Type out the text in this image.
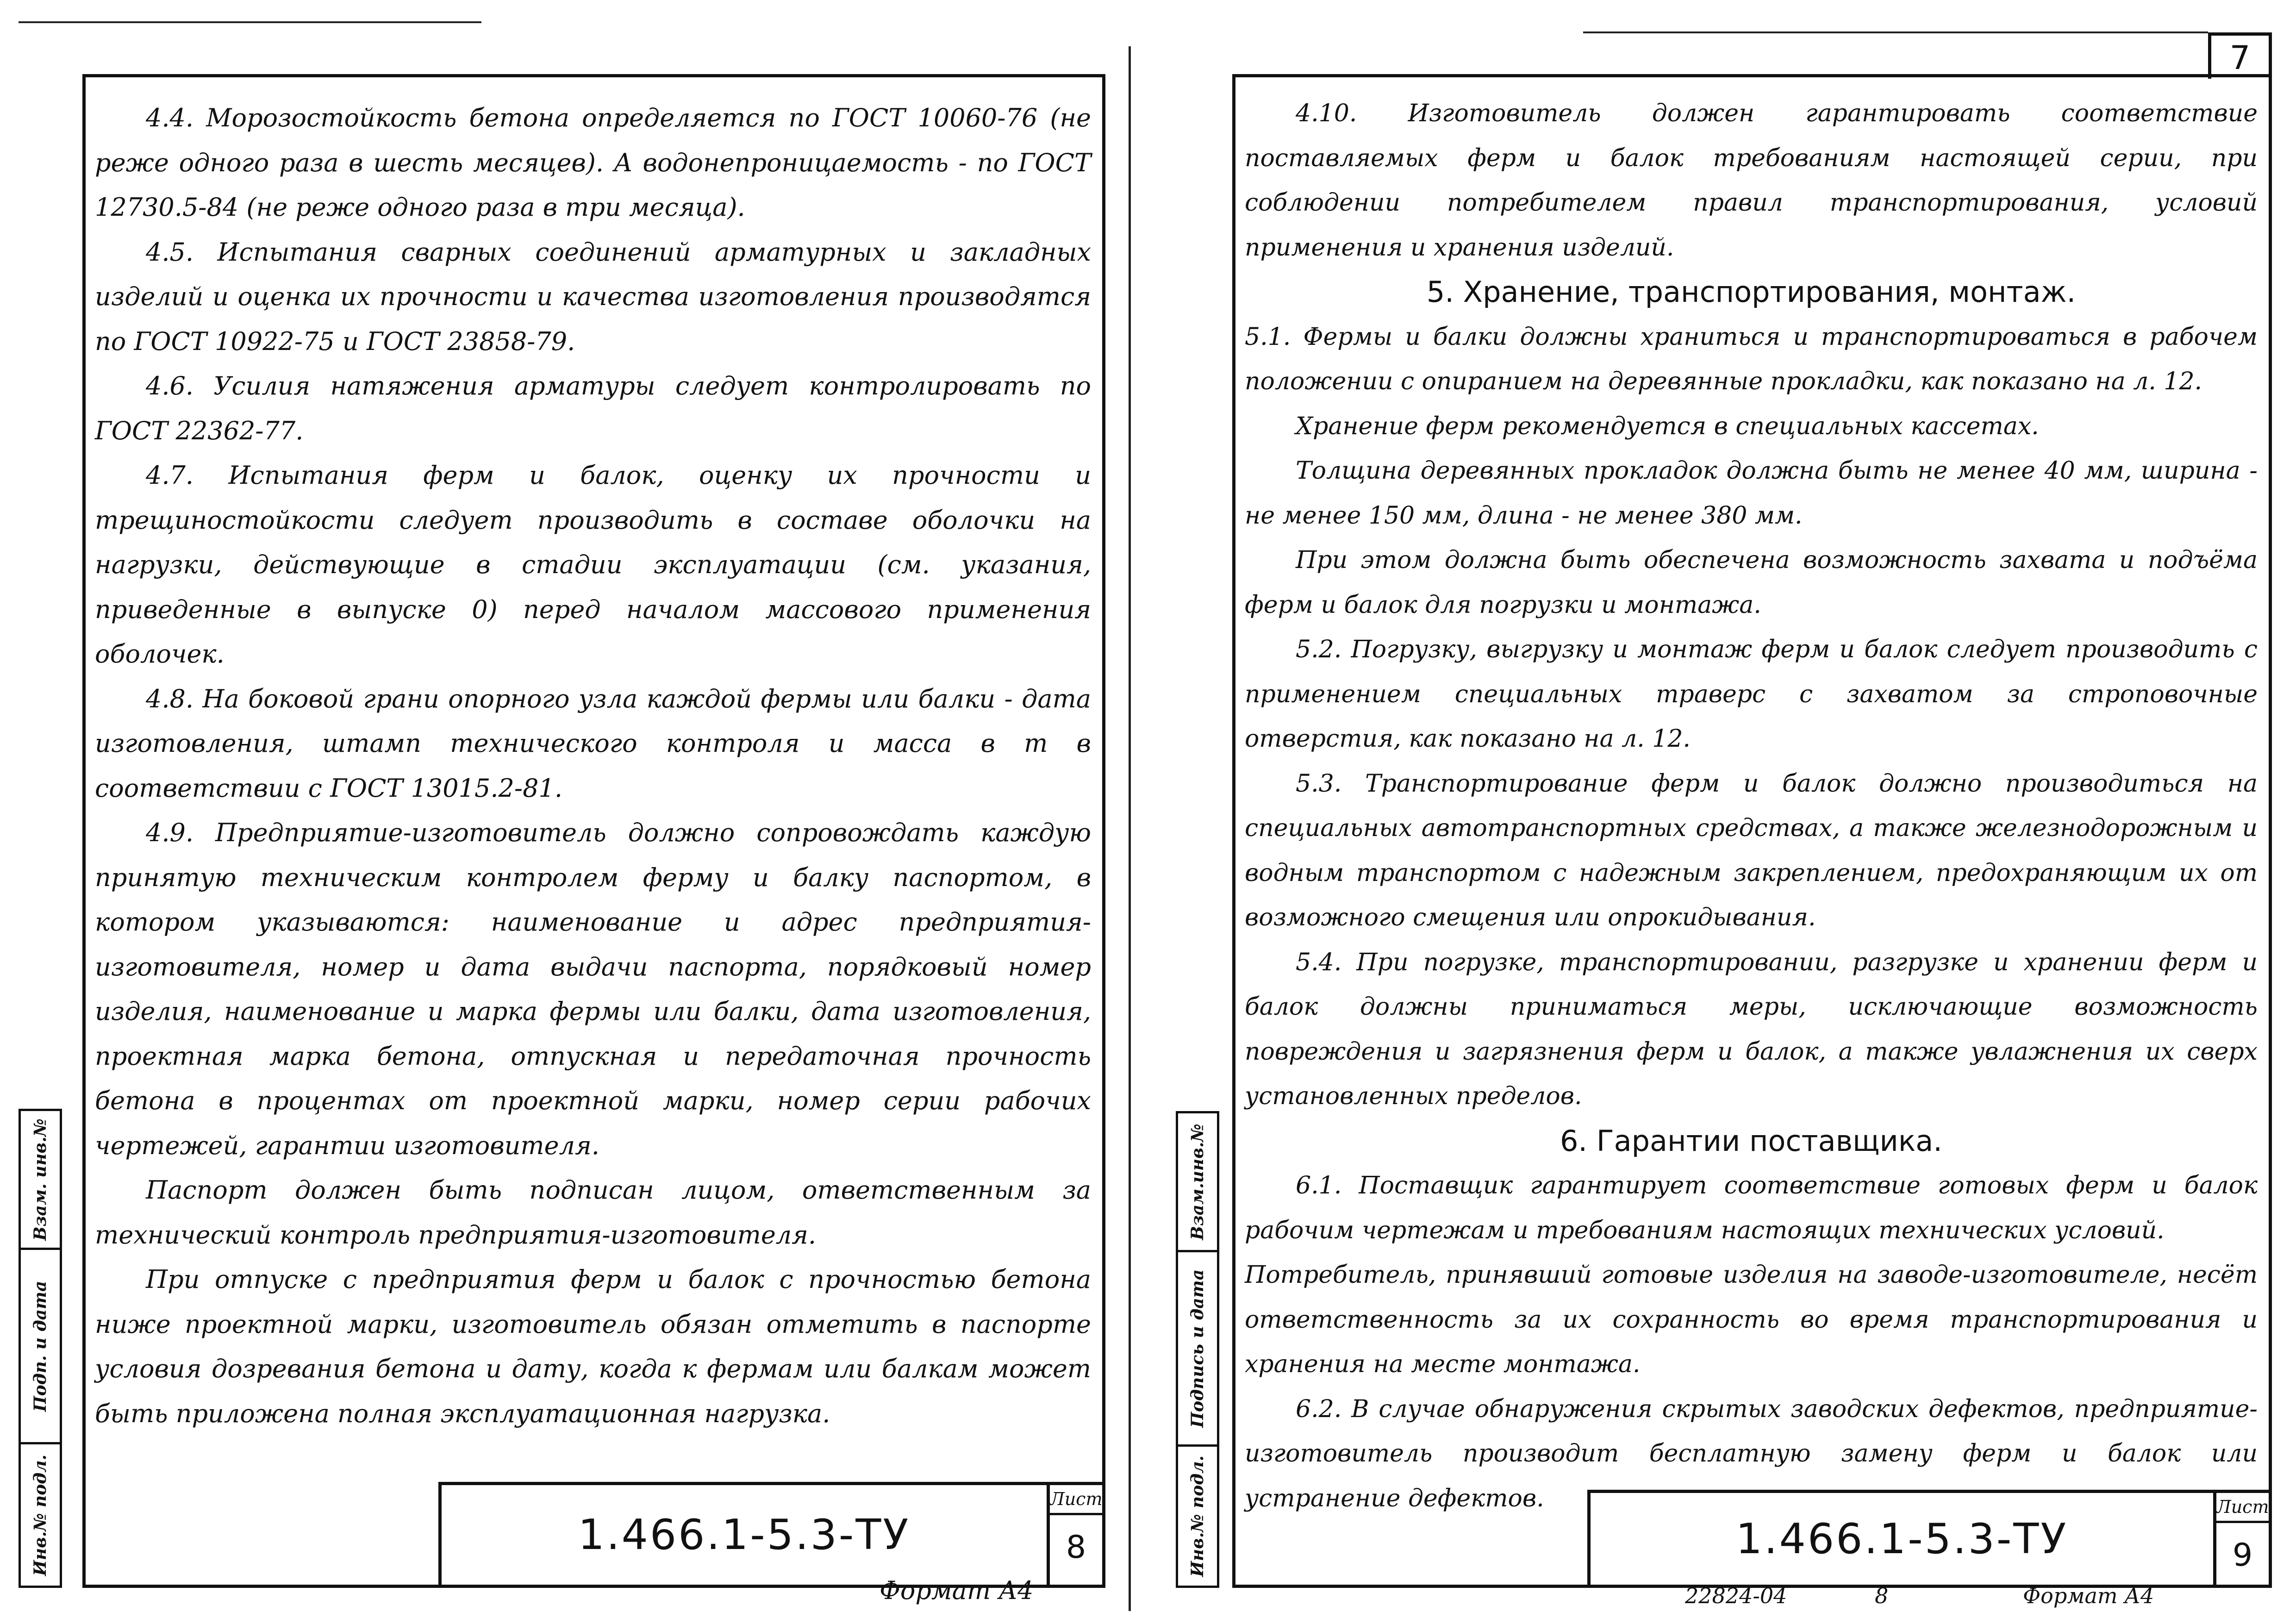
4.4. Морозостойкость бетона определяется по ГОСТ 10060-76 (не реже одного раза в шесть месяцев). А водонепроницаемость - по ГОСТ 12730.5-84 (не реже одного раза в три месяца).

4.5. Испытания сварных соединений арматурных и закладных изделий и оценка их прочности и качества изготовления производятся по ГОСТ 10922-75 и ГОСТ 23858-79.

4.6. Усилия натяжения арматуры следует контролировать по ГОСТ 22362-77.

4.7. Испытания ферм и балок, оценку их прочности и трещиностойкости следует производить в составе оболочки на нагрузки, действующие в стадии эксплуатации (см. указания, приведенные в выпуске 0) перед началом массового применения оболочек.

4.8. На боковой грани опорного узла каждой фермы или балки - дата изготовления, штамп технического контроля и масса в т в соответствии с ГОСТ 13015.2-81.

4.9. Предприятие-изготовитель должно сопровождать каждую принятую техническим контролем ферму и балку паспортом, в котором указываются: наименование и адрес предприятия-изготовителя, номер и дата выдачи паспорта, порядковый номер изделия, наименование и марка фермы или балки, дата изготовления, проектная марка бетона, отпускная и передаточная прочность бетона в процентах от проектной марки, номер серии рабочих чертежей, гарантии изготовителя.

Паспорт должен быть подписан лицом, ответственным за технический контроль предприятия-изготовителя.

При отпуске с предприятия ферм и балок с прочностью бетона ниже проектной марки, изготовитель обязан отметить в паспорте условия дозревания бетона и дату, когда к фермам или балкам может быть приложена полная эксплуатационная нагрузка.

1.466.1-5.3-ТУ
Лист
8
Взам. инв.№
Подп. и дата
Инв.№ подл.
Формат А4
7

4.10. Изготовитель должен гарантировать соответствие поставляемых ферм и балок требованиям настоящей серии, при соблюдении потребителем правил транспортирования, условий применения и хранения изделий.

5. Хранение, транспортирования, монтаж.

5.1. Фермы и балки должны храниться и транспортироваться в рабочем положении с опиранием на деревянные прокладки, как показано на л. 12.

Хранение ферм рекомендуется в специальных кассетах.

Толщина деревянных прокладок должна быть не менее 40 мм, ширина - не менее 150 мм, длина - не менее 380 мм.

При этом должна быть обеспечена возможность захвата и подъёма ферм и балок для погрузки и монтажа.

5.2. Погрузку, выгрузку и монтаж ферм и балок следует производить с применением специальных траверс с захватом за строповочные отверстия, как показано на л. 12.

5.3. Транспортирование ферм и балок должно производиться на специальных автотранспортных средствах, а также железнодорожным и водным транспортом с надежным закреплением, предохраняющим их от возможного смещения или опрокидывания.

5.4. При погрузке, транспортировании, разгрузке и хранении ферм и балок должны приниматься меры, исключающие возможность повреждения и загрязнения ферм и балок, а также увлажнения их сверх установленных пределов.

6. Гарантии поставщика.

6.1. Поставщик гарантирует соответствие готовых ферм и балок рабочим чертежам и требованиям настоящих технических условий.

Потребитель, принявший готовые изделия на заводе-изготовителе, несёт ответственность за их сохранность во время транспортирования и хранения на месте монтажа.

6.2. В случае обнаружения скрытых заводских дефектов, предприятие-изготовитель производит бесплатную замену ферм и балок или устранение дефектов.

1.466.1-5.3-ТУ
Лист
9
Взам.инв.№
Подпись и дата
Инв.№ подл.
22824-04	8	Формат А4
